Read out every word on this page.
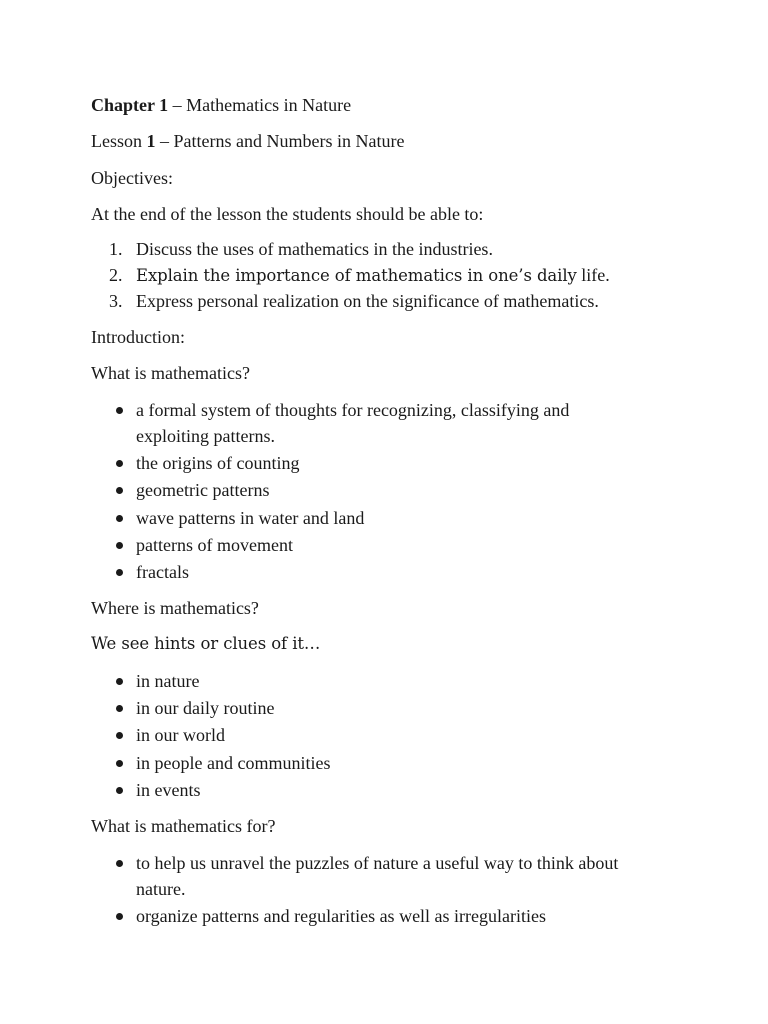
Chapter 1 – Mathematics in Nature
Lesson 1 – Patterns and Numbers in Nature
Objectives:
At the end of the lesson the students should be able to:
1. Discuss the uses of mathematics in the industries.
2. Explain the importance of mathematics in one’s daily life.
3. Express personal realization on the significance of mathematics.
Introduction:
What is mathematics?
a formal system of thoughts for recognizing, classifying and
exploiting patterns.
the origins of counting
geometric patterns
wave patterns in water and land
patterns of movement
fractals
Where is mathematics?
We see hints or clues of it…
in nature
in our daily routine
in our world
in people and communities
in events
What is mathematics for?
to help us unravel the puzzles of nature a useful way to think about
nature.
organize patterns and regularities as well as irregularities
